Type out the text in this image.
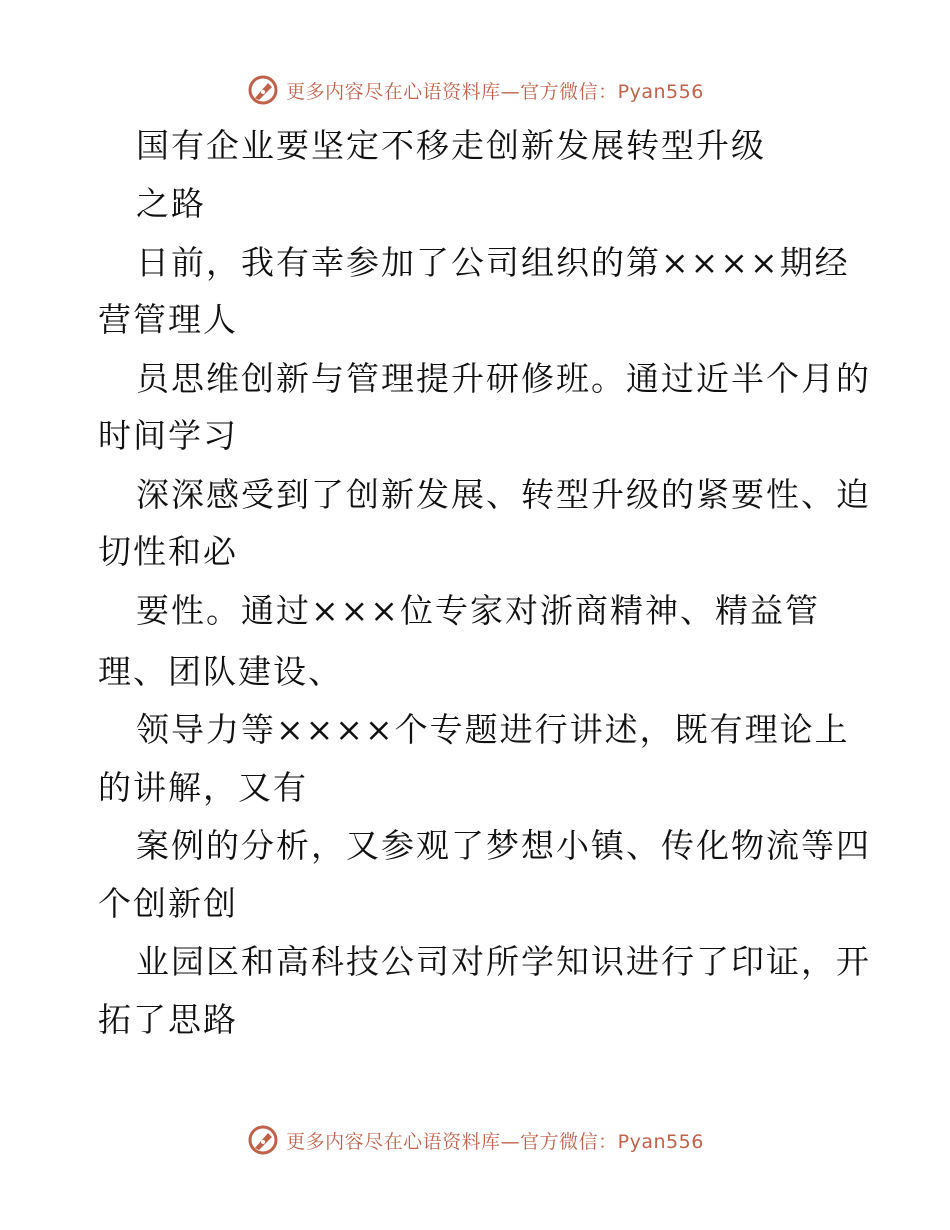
更多内容尽在心语资料库—官方微信：Pyan556
国有企业要坚定不移走创新发展转型升级
之路
日前，我有幸参加了公司组织的第××××期经
营管理人
员思维创新与管理提升研修班。通过近半个月的
时间学习
深深感受到了创新发展、转型升级的紧要性、迫
切性和必
要性。通过×××位专家对浙商精神、精益管
理、团队建设、
领导力等××××个专题进行讲述，既有理论上
的讲解，又有
案例的分析，又参观了梦想小镇、传化物流等四
个创新创
业园区和高科技公司对所学知识进行了印证，开
拓了思路
更多内容尽在心语资料库—官方微信：Pyan556
